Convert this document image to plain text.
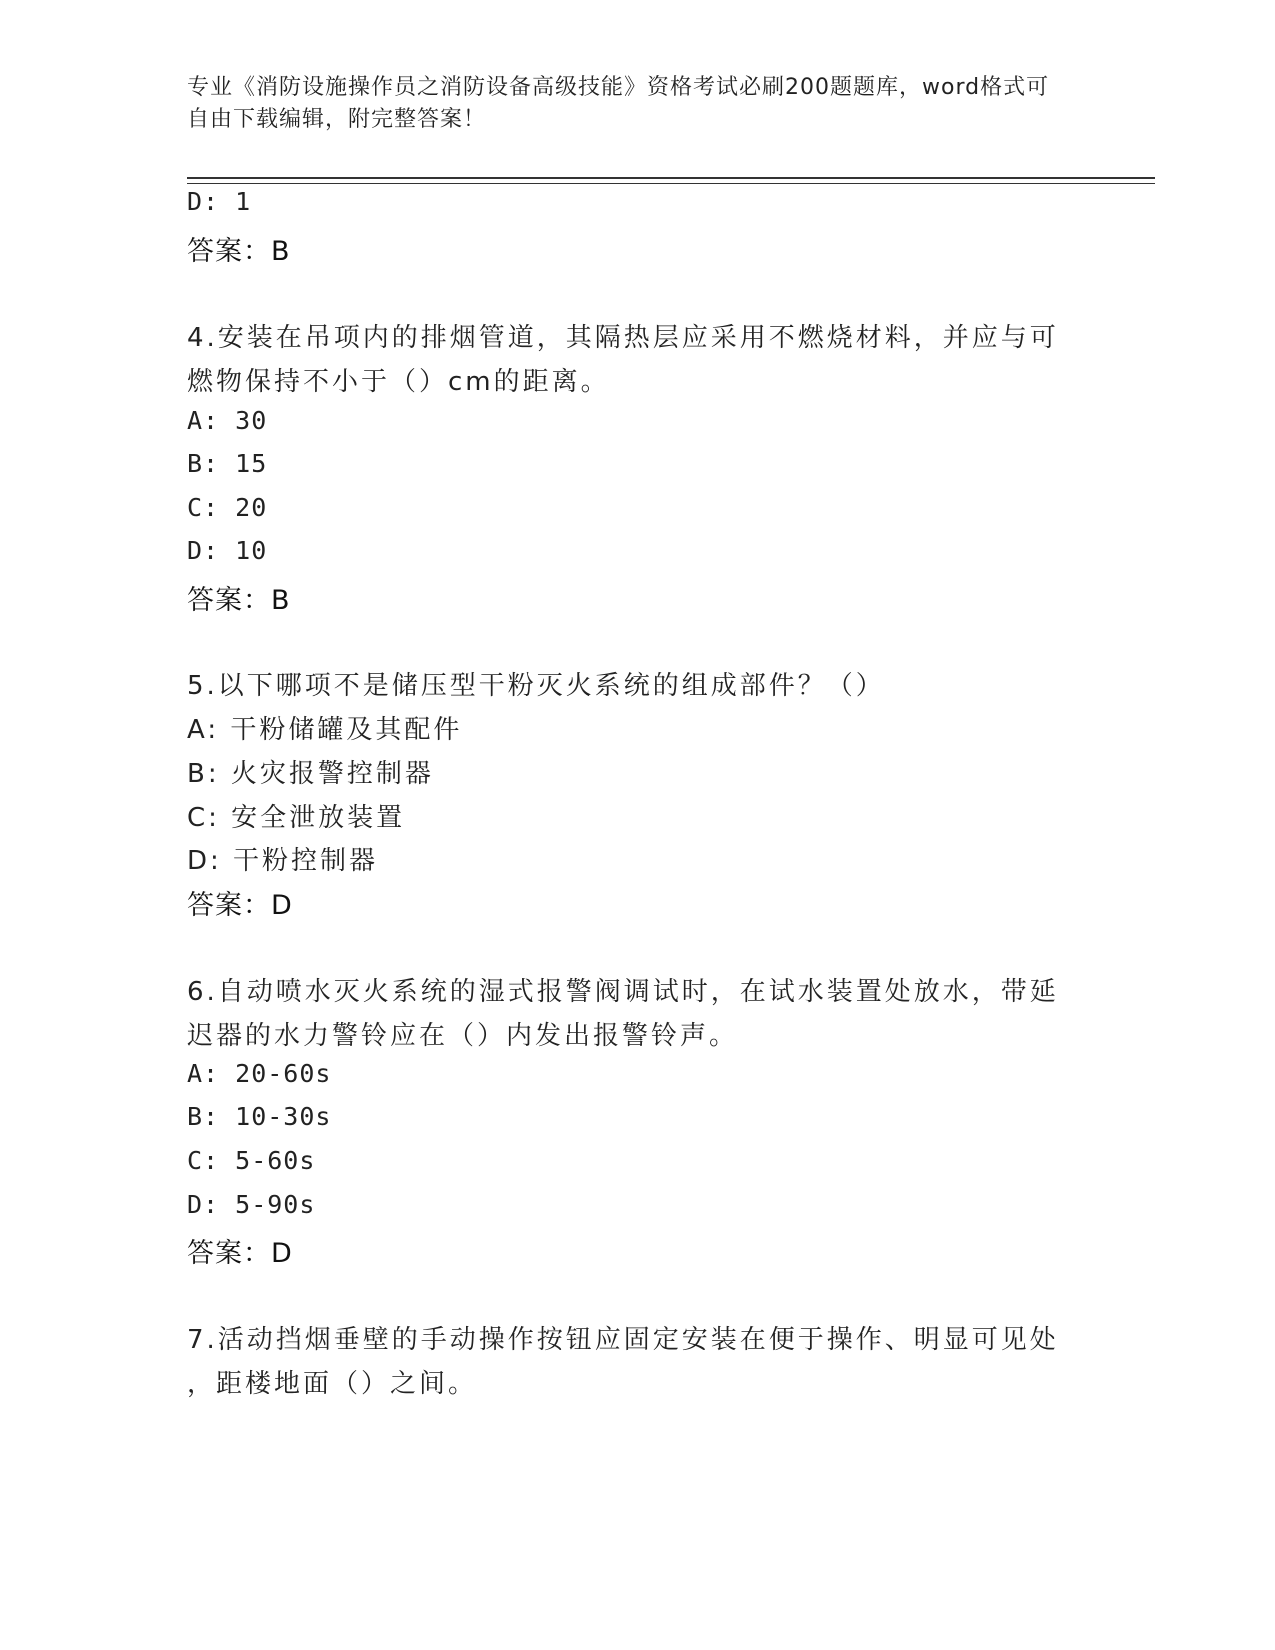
专业《消防设施操作员之消防设备高级技能》资格考试必刷200题题库，word格式可自由下载编辑，附完整答案！
D: 1
答案：B
4.安装在吊项内的排烟管道，其隔热层应采用不燃烧材料，并应与可
燃物保持不小于（）cm的距离。
A: 30
B: 15
C: 20
D: 10
答案：B
5.以下哪项不是储压型干粉灭火系统的组成部件？（）
A: 干粉储罐及其配件
B: 火灾报警控制器
C: 安全泄放装置
D: 干粉控制器
答案：D
6.自动喷水灭火系统的湿式报警阀调试时，在试水装置处放水，带延
迟器的水力警铃应在（）内发出报警铃声。
A: 20-60s
B: 10-30s
C: 5-60s
D: 5-90s
答案：D
7.活动挡烟垂壁的手动操作按钮应固定安装在便于操作、明显可见处
，距楼地面（）之间。
